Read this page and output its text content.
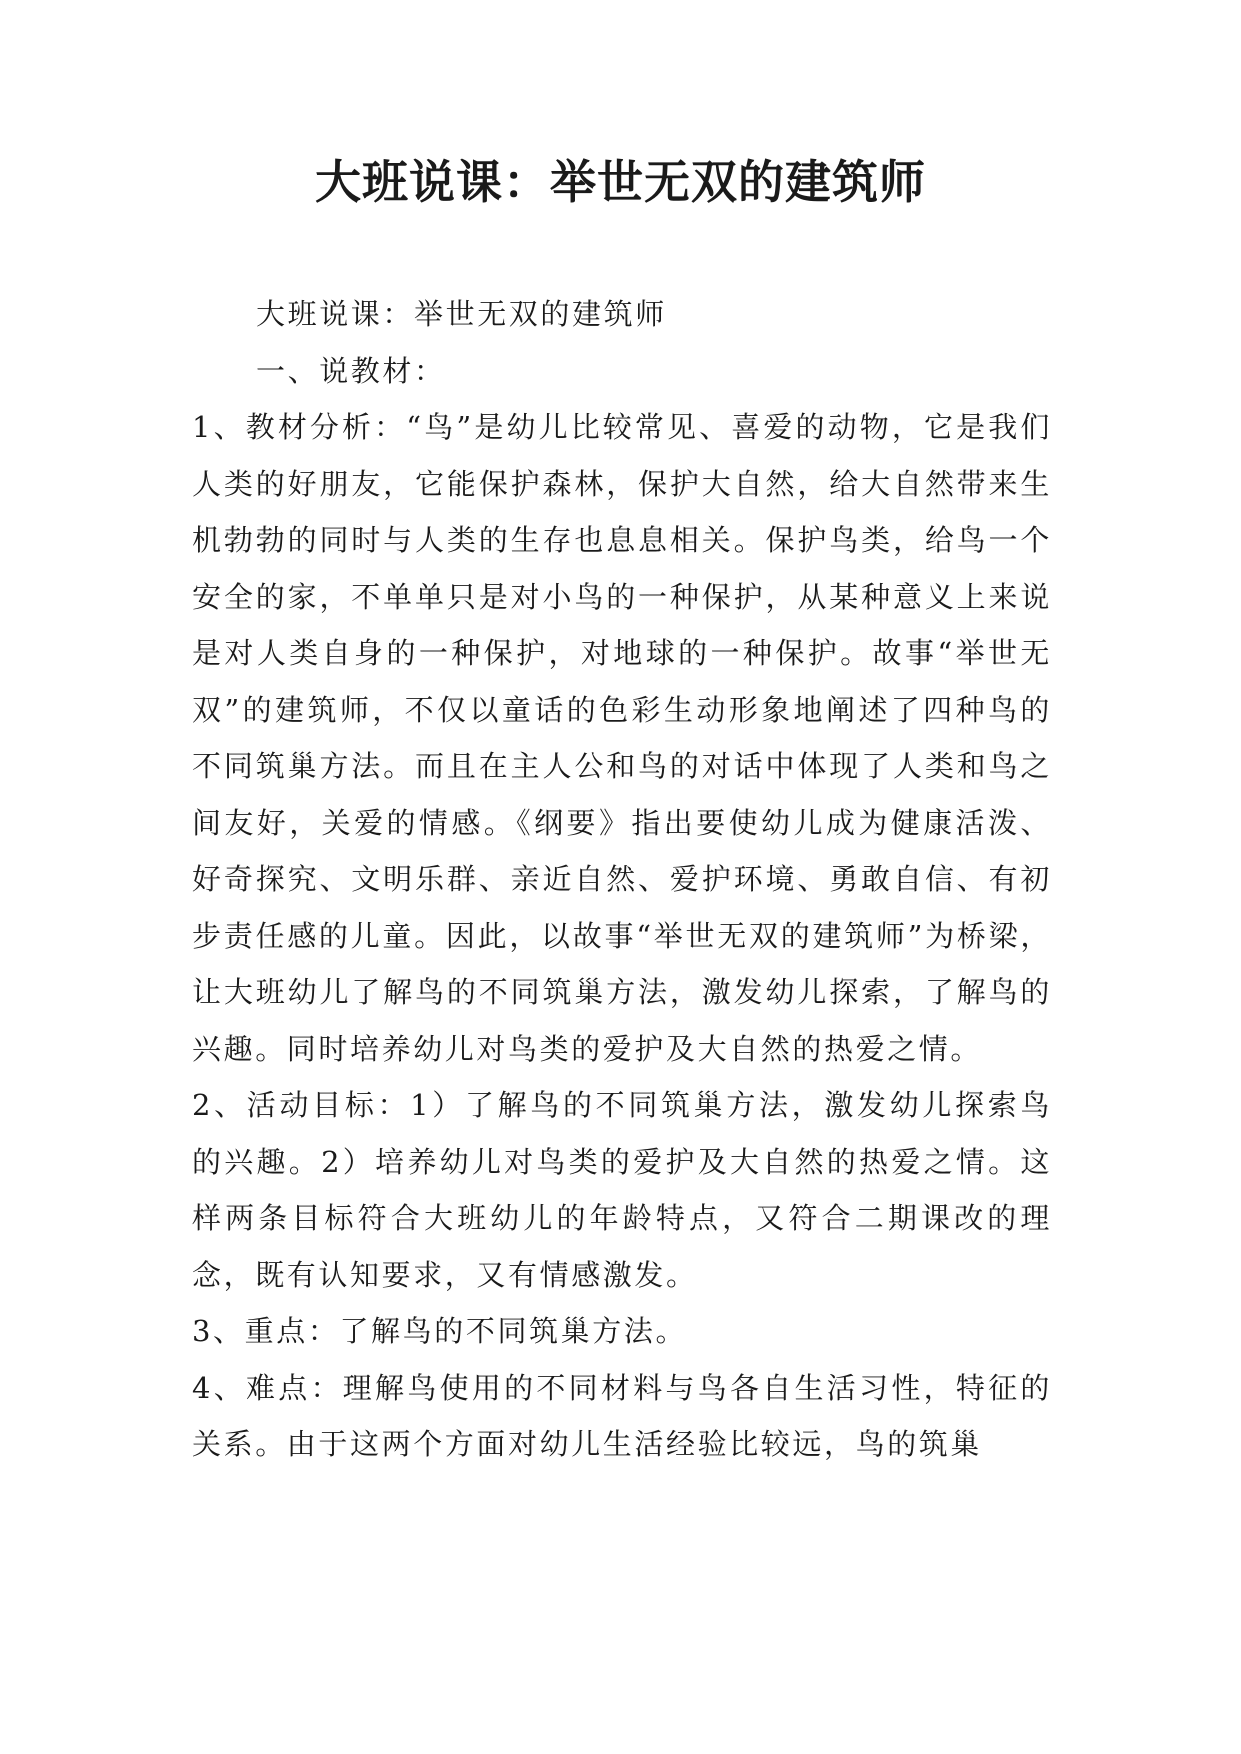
大班说课：举世无双的建筑师

大班说课：举世无双的建筑师

一、说教材：

1、教材分析：“鸟”是幼儿比较常见、喜爱的动物，它是我们人类的好朋友，它能保护森林，保护大自然，给大自然带来生机勃勃的同时与人类的生存也息息相关。保护鸟类，给鸟一个安全的家，不单单只是对小鸟的一种保护，从某种意义上来说是对人类自身的一种保护，对地球的一种保护。故事“举世无双”的建筑师，不仅以童话的色彩生动形象地阐述了四种鸟的不同筑巢方法。而且在主人公和鸟的对话中体现了人类和鸟之间友好，关爱的情感。《纲要》指出要使幼儿成为健康活泼、好奇探究、文明乐群、亲近自然、爱护环境、勇敢自信、有初步责任感的儿童。因此，以故事“举世无双的建筑师”为桥梁，让大班幼儿了解鸟的不同筑巢方法，激发幼儿探索，了解鸟的兴趣。同时培养幼儿对鸟类的爱护及大自然的热爱之情。

2、活动目标：1）了解鸟的不同筑巢方法，激发幼儿探索鸟的兴趣。2）培养幼儿对鸟类的爱护及大自然的热爱之情。这样两条目标符合大班幼儿的年龄特点，又符合二期课改的理念，既有认知要求，又有情感激发。

3、重点：了解鸟的不同筑巢方法。

4、难点：理解鸟使用的不同材料与鸟各自生活习性，特征的关系。由于这两个方面对幼儿生活经验比较远，鸟的筑巢
